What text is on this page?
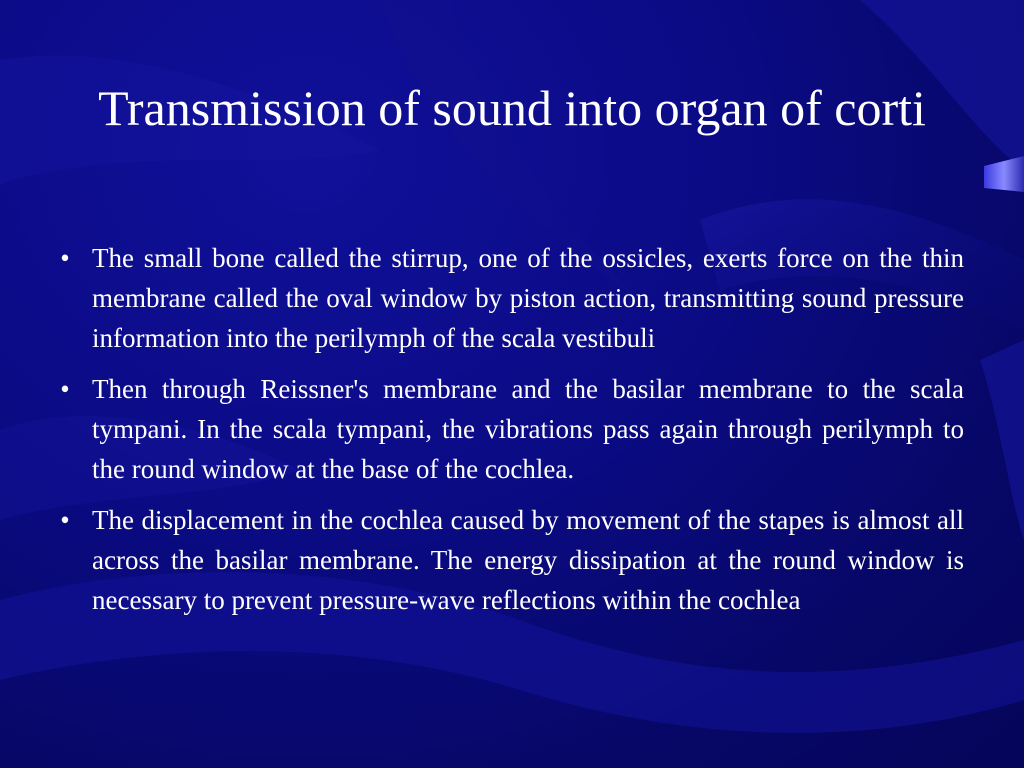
Transmission of sound into organ of corti
• The small bone called the stirrup, one of the ossicles, exerts force on the thin membrane called the oval window by piston action, transmitting sound pressure information into the perilymph of the scala vestibuli
• Then through Reissner's membrane and the basilar membrane to the scala tympani. In the scala tympani, the vibrations pass again through perilymph to the round window at the base of the cochlea.
• The displacement in the cochlea caused by movement of the stapes is almost all across the basilar membrane. The energy dissipation at the round window is necessary to prevent pressure-wave reflections within the cochlea
